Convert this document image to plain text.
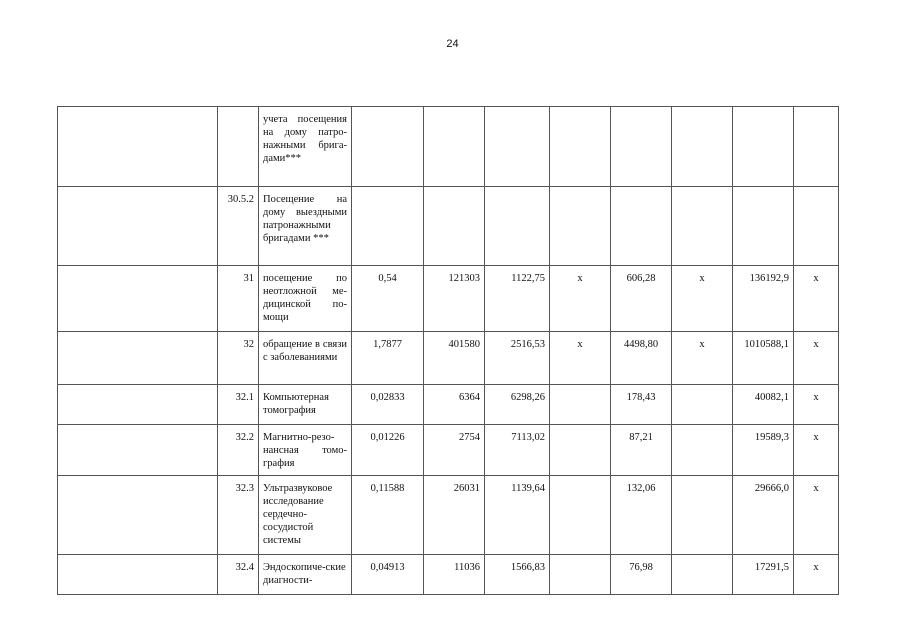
24
		учета посещения на дому патро-нажными брига-дами***								
	30.5.2	Посещение на дому выездными патронажными бригадами ***								
	31	посещение по неотложной ме-дицинской по-мощи	0,54	121303	1122,75	х	606,28	х	136192,9	х
	32	обращение в связи с заболеваниями	1,7877	401580	2516,53	х	4498,80	х	1010588,1	х
	32.1	Компьютерная томография	0,02833	6364	6298,26		178,43		40082,1	х
	32.2	Магнитно-резо-нансная томо-графия	0,01226	2754	7113,02		87,21		19589,3	х
	32.3	Ультразвуковое исследование сердечно-сосудистой системы	0,11588	26031	1139,64		132,06		29666,0	х
	32.4	Эндоскопиче-ские диагности-	0,04913	11036	1566,83		76,98		17291,5	х
